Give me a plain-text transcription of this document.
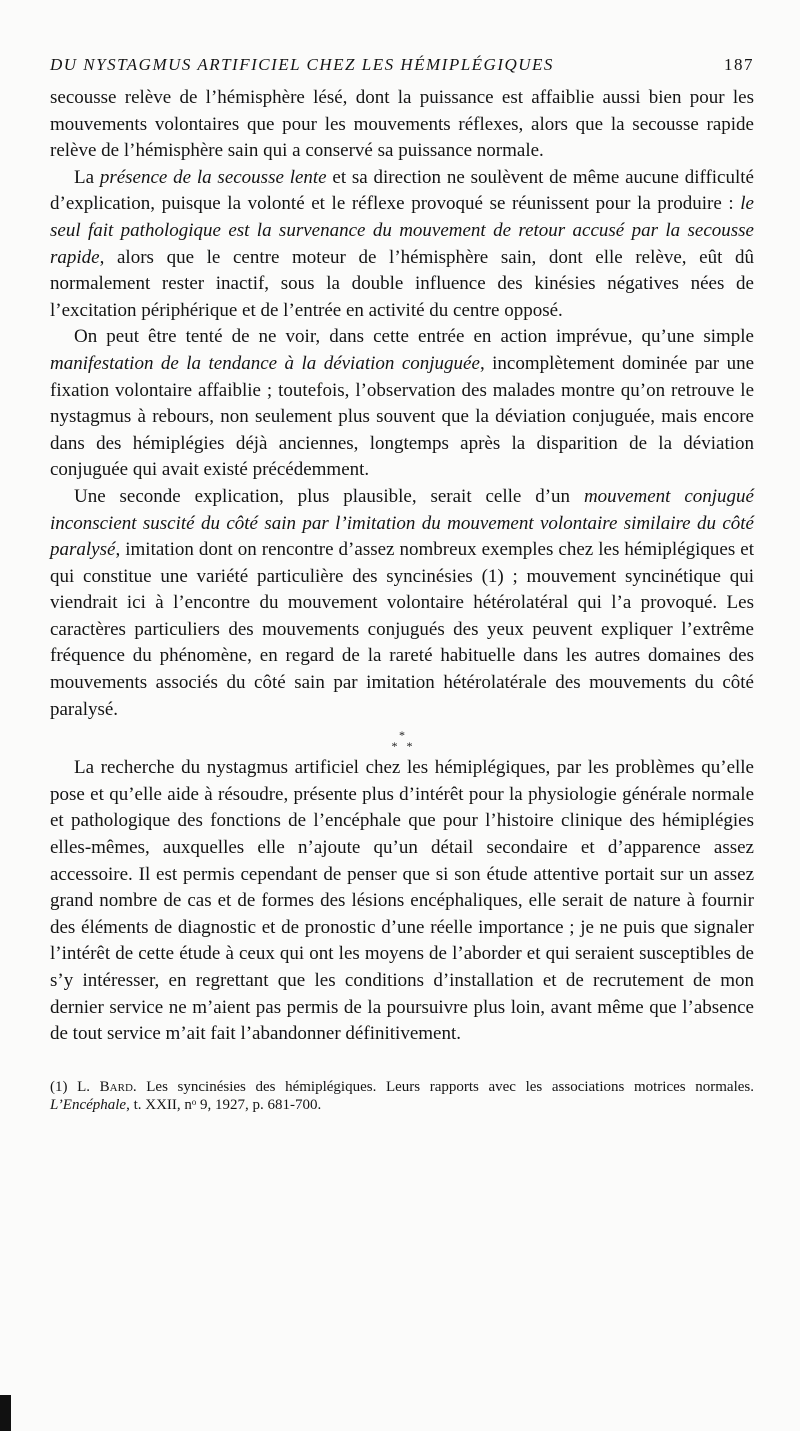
DU NYSTAGMUS ARTIFICIEL CHEZ LES HÉMIPLÉGIQUES	187

secousse relève de l’hémisphère lésé, dont la puissance est affaiblie aussi bien pour les mouvements volontaires que pour les mouvements réflexes, alors que la secousse rapide relève de l’hémisphère sain qui a conservé sa puissance normale.

La présence de la secousse lente et sa direction ne soulèvent de même aucune difficulté d’explication, puisque la volonté et le réflexe provoqué se réunissent pour la produire : le seul fait pathologique est la survenance du mouvement de retour accusé par la secousse rapide, alors que le centre moteur de l’hémisphère sain, dont elle relève, eût dû normalement rester inactif, sous la double influence des kinésies négatives nées de l’excitation périphérique et de l’entrée en activité du centre opposé.

On peut être tenté de ne voir, dans cette entrée en action imprévue, qu’une simple manifestation de la tendance à la déviation conjuguée, incomplètement dominée par une fixation volontaire affaiblie ; toutefois, l’observation des malades montre qu’on retrouve le nystagmus à rebours, non seulement plus souvent que la déviation conjuguée, mais encore dans des hémiplégies déjà anciennes, longtemps après la disparition de la déviation conjuguée qui avait existé précédemment.

Une seconde explication, plus plausible, serait celle d’un mouvement conjugué inconscient suscité du côté sain par l’imitation du mouvement volontaire similaire du côté paralysé, imitation dont on rencontre d’assez nombreux exemples chez les hémiplégiques et qui constitue une variété particulière des syncinésies (1) ; mouvement syncinétique qui viendrait ici à l’encontre du mouvement volontaire hétérolatéral qui l’a provoqué. Les caractères particuliers des mouvements conjugués des yeux peuvent expliquer l’extrême fréquence du phénomène, en regard de la rareté habituelle dans les autres domaines des mouvements associés du côté sain par imitation hétérolatérale des mouvements du côté paralysé.

*
* *

La recherche du nystagmus artificiel chez les hémiplégiques, par les problèmes qu’elle pose et qu’elle aide à résoudre, présente plus d’intérêt pour la physiologie générale normale et pathologique des fonctions de l’encéphale que pour l’histoire clinique des hémiplégies elles-mêmes, auxquelles elle n’ajoute qu’un détail secondaire et d’apparence assez accessoire. Il est permis cependant de penser que si son étude attentive portait sur un assez grand nombre de cas et de formes des lésions encéphaliques, elle serait de nature à fournir des éléments de diagnostic et de pronostic d’une réelle importance ; je ne puis que signaler l’intérêt de cette étude à ceux qui ont les moyens de l’aborder et qui seraient susceptibles de s’y intéresser, en regrettant que les conditions d’installation et de recrutement de mon dernier service ne m’aient pas permis de la poursuivre plus loin, avant même que l’absence de tout service m’ait fait l’abandonner définitivement.

(1) L. Bard. Les syncinésies des hémiplégiques. Leurs rapports avec les associations motrices normales. L’Encéphale, t. XXII, nᵒ 9, 1927, p. 681-700.
